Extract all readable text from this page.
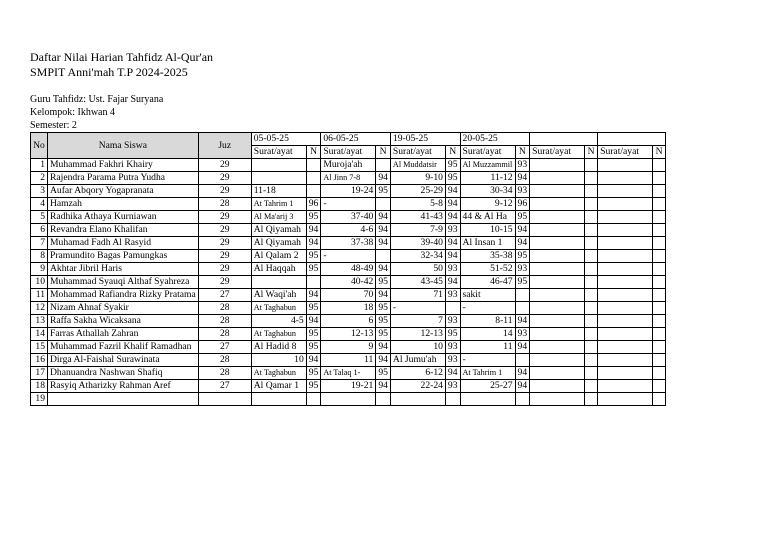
Daftar Nilai Harian Tahfidz Al-Qur'an
SMPIT Anni'mah T.P 2024-2025
Guru Tahfidz: Ust. Fajar Suryana
Kelompok: Ikhwan 4
Semester: 2
No	Nama Siswa	Juz	05-05-25		06-05-25		19-05-25		20-05-25					
			Surat/ayat	N	Surat/ayat	N	Surat/ayat	N	Surat/ayat	N	Surat/ayat	N	Surat/ayat	N
1	Muhammad Fakhri Khairy	29			Muroja'ah		Al Muddatsir	95	Al Muzzammil	93				
2	Rajendra Parama Putra Yudha	29			Al Jinn 7-8	94	9-10	95	11-12	94				
3	Aufar Abqory Yogapranata	29	11-18		19-24	95	25-29	94	30-34	93				
4	Hamzah	28	At Tahrim 1	96	-		5-8	94	9-12	96				
5	Radhika Athaya Kurniawan	29	Al Ma'arij 3	95	37-40	94	41-43	94	44 & Al Ha	95				
6	Revandra Elano Khalifan	29	Al Qiyamah	94	4-6	94	7-9	93	10-15	94				
7	Muhamad Fadh Al Rasyid	29	Al Qiyamah	94	37-38	94	39-40	94	Al Insan 1	94				
8	Pramundito Bagas Pamungkas	29	Al Qalam 2	95	-		32-34	94	35-38	95				
9	Akhtar Jibril Haris	29	Al Haqqah	95	48-49	94	50	93	51-52	93				
10	Muhammad Syauqi Althaf Syahreza	29			40-42	95	43-45	94	46-47	95				
11	Mohammad Rafiandra Rizky Pratama	27	Al Waqi'ah	94	70	94	71	93	sakit					
12	Nizam Ahnaf Syakir	28	At Taghabun	95	18	95	-		-					
13	Raffa Sakha Wicaksana	28	4-5	94	6	95	7	93	8-11	94				
14	Farras Athallah Zahran	28	At Taghabun	95	12-13	95	12-13	95	14	93				
15	Muhammad Fazril Khalif Ramadhan	27	Al Hadid 8	95	9	94	10	93	11	94				
16	Dirga Al-Faishal Surawinata	28	10	94	11	94	Al Jumu'ah	93	-					
17	Dhanuandra Nashwan Shafiq	28	At Taghabun	95	At Talaq 1-	95	6-12	94	At Tahrim 1	94				
18	Rasyiq Atharizky Rahman Aref	27	Al Qamar 1	95	19-21	94	22-24	93	25-27	94				
19														
